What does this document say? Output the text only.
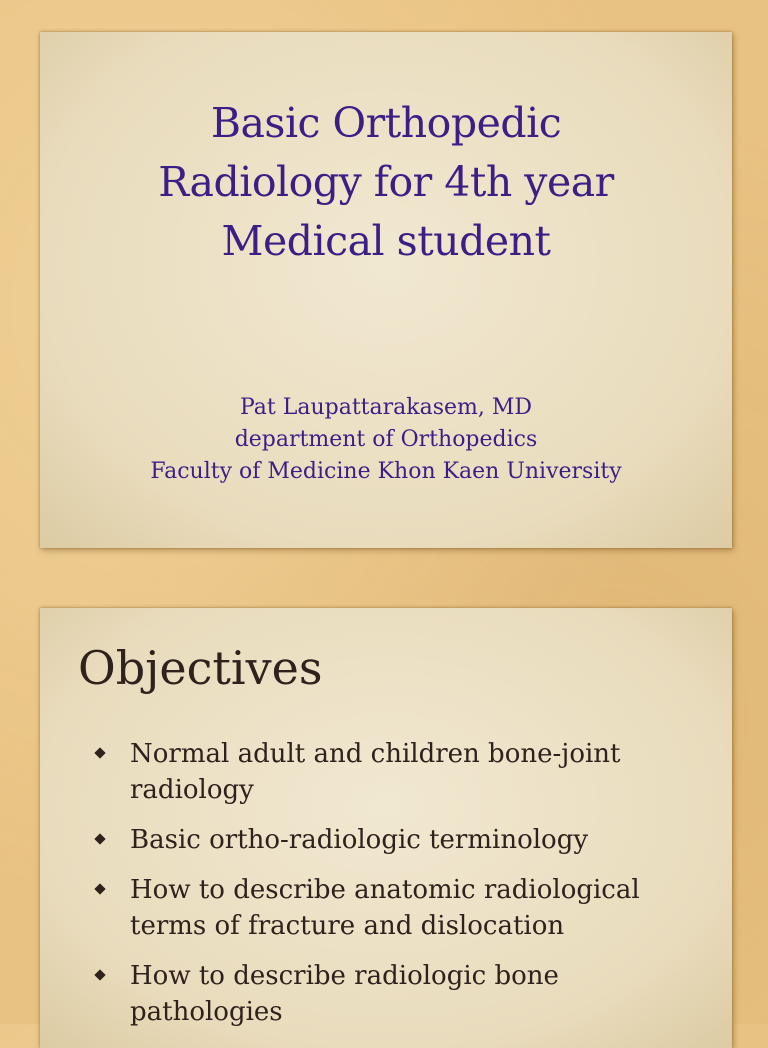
Basic Orthopedic
Radiology for 4th year
Medical student
Pat Laupattarakasem, MD
department of Orthopedics
Faculty of Medicine Khon Kaen University
Objectives
Normal adult and children bone-joint radiology
Basic ortho-radiologic terminology
How to describe anatomic radiological terms of fracture and dislocation
How to describe radiologic bone pathologies
